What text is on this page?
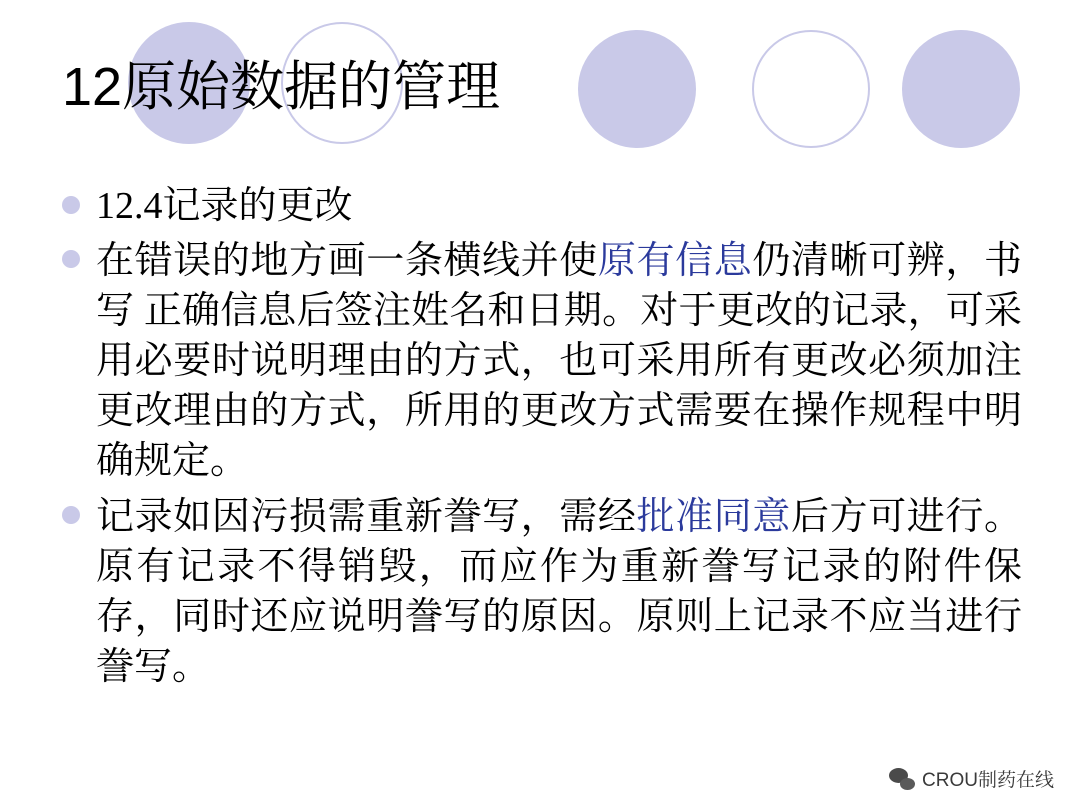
12原始数据的管理
12.4记录的更改
在错误的地方画一条横线并使原有信息仍清晰可辨，书写 正确信息后签注姓名和日期。对于更改的记录，可采用必要时说明理由的方式，也可采用所有更改必须加注更改理由的方式，所用的更改方式需要在操作规程中明确规定。
记录如因污损需重新誊写，需经批准同意后方可进行。原有记录不得销毁，而应作为重新誊写记录的附件保存，同时还应说明誊写的原因。原则上记录不应当进行誊写。
CROU制药在线
